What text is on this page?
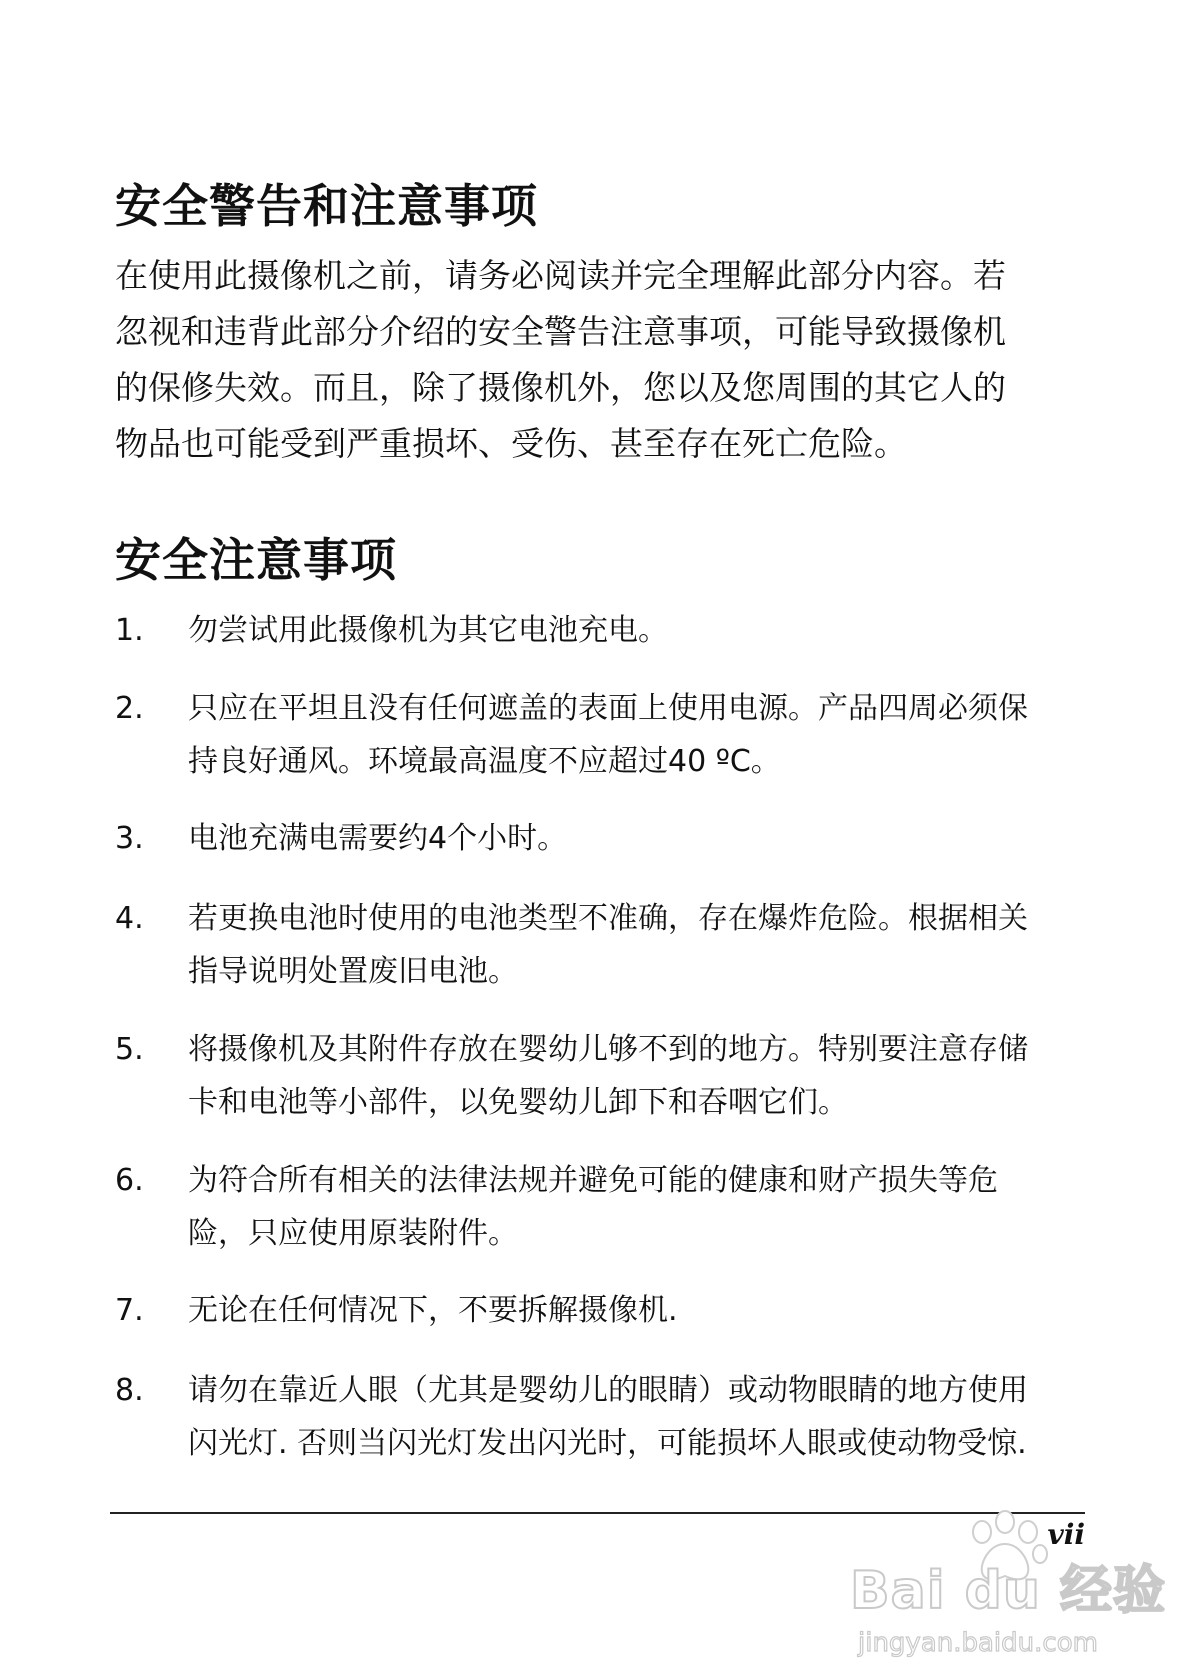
安全警告和注意事项
在使用此摄像机之前，请务必阅读并完全理解此部分内容。若
忽视和违背此部分介绍的安全警告注意事项，可能导致摄像机
的保修失效。而且，除了摄像机外，您以及您周围的其它人的
物品也可能受到严重损坏、受伤、甚至存在死亡危险。
安全注意事项
1.	勿尝试用此摄像机为其它电池充电。
2.	只应在平坦且没有任何遮盖的表面上使用电源。产品四周必须保
持良好通风。环境最高温度不应超过40 ºC。
3.	电池充满电需要约4个小时。
4.	若更换电池时使用的电池类型不准确，存在爆炸危险。根据相关
指导说明处置废旧电池。
5.	将摄像机及其附件存放在婴幼儿够不到的地方。特别要注意存储
卡和电池等小部件，以免婴幼儿卸下和吞咽它们。
6.	为符合所有相关的法律法规并避免可能的健康和财产损失等危
险，只应使用原装附件。
7.	无论在任何情况下，不要拆解摄像机.
8.	请勿在靠近人眼（尤其是婴幼儿的眼睛）或动物眼睛的地方使用
闪光灯. 否则当闪光灯发出闪光时，可能损坏人眼或使动物受惊.
vii
Bai du 经验
jingyan.baidu.com
